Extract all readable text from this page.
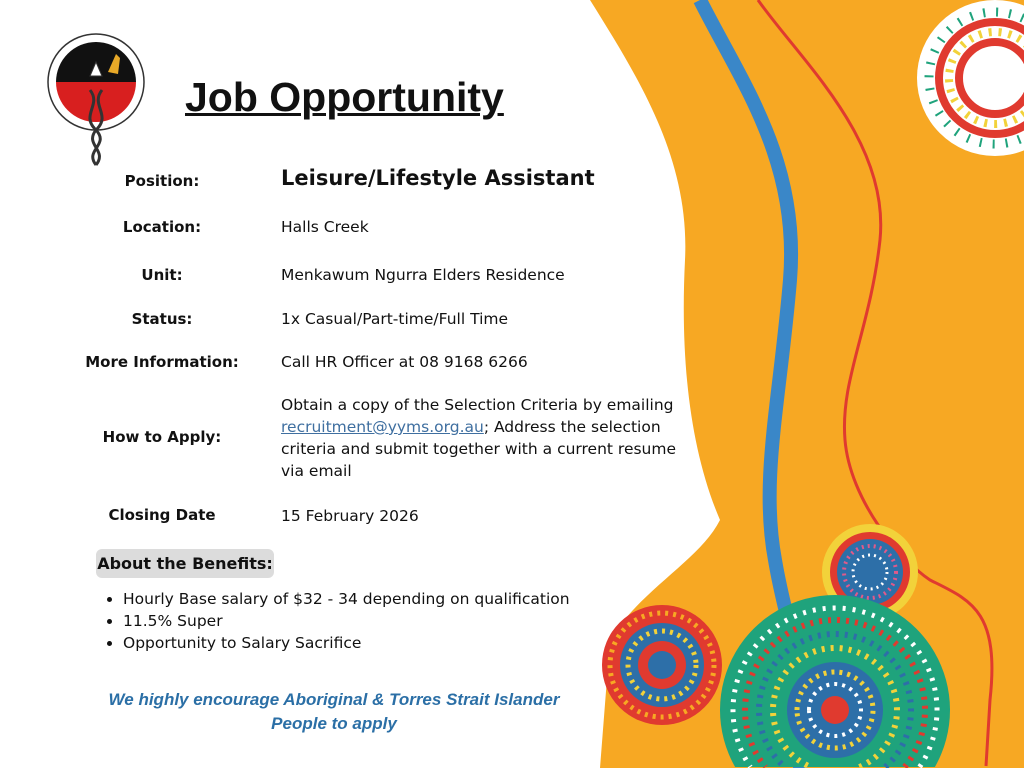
Job Opportunity
Position:	Leisure/Lifestyle Assistant
Location:	Halls Creek
Unit:	Menkawum Ngurra Elders Residence
Status:	1x Casual/Part-time/Full Time
More Information:	Call HR Officer at 08 9168 6266
How to Apply:
Obtain a copy of the Selection Criteria by emailing recruitment@yyms.org.au; Address the selection criteria and submit together with a current resume via email
Closing Date	15 February 2026
About the Benefits:
• Hourly Base salary of $32 - 34 depending on qualification
• 11.5% Super
• Opportunity to Salary Sacrifice
We highly encourage Aboriginal & Torres Strait Islander
People to apply
